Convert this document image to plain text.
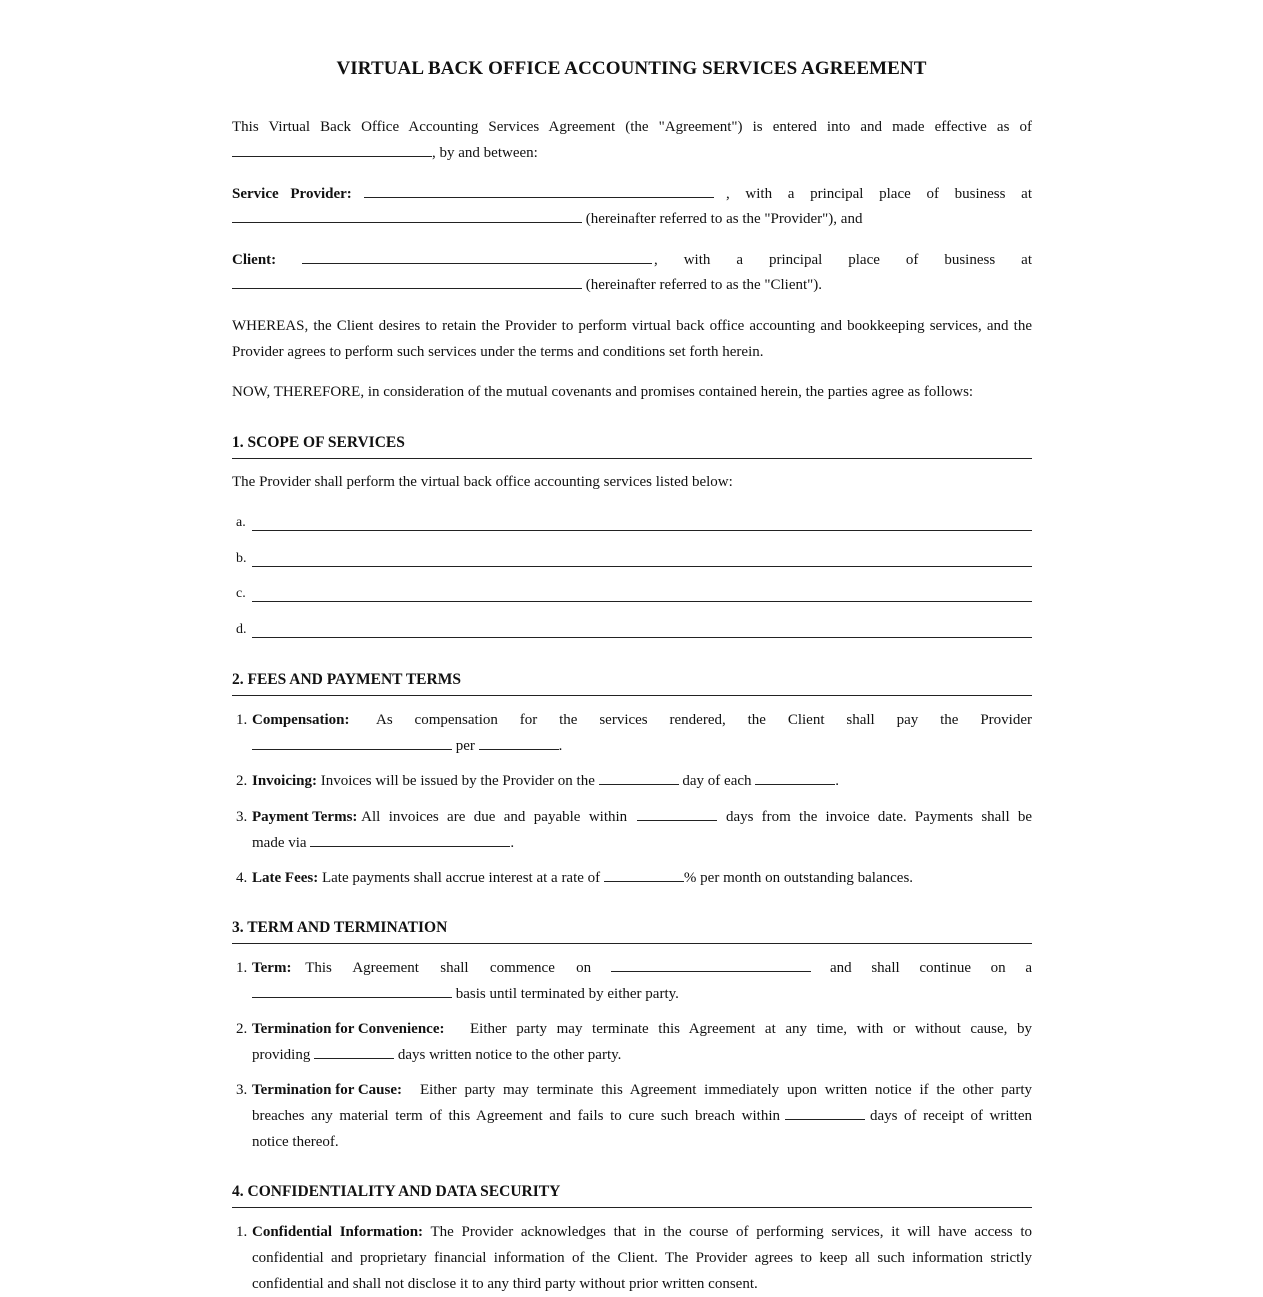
VIRTUAL BACK OFFICE ACCOUNTING SERVICES AGREEMENT
This Virtual Back Office Accounting Services Agreement (the "Agreement") is entered into and made effective as of
, by and between:
Service Provider:	, with a principal place of business at
(hereinafter referred to as the "Provider"), and
Client:	, with a principal place of business at
(hereinafter referred to as the "Client").
WHEREAS, the Client desires to retain the Provider to perform virtual back office accounting and bookkeeping services, and the Provider agrees to perform such services under the terms and conditions set forth herein.
NOW, THEREFORE, in consideration of the mutual covenants and promises contained herein, the parties agree as follows:
1. SCOPE OF SERVICES
The Provider shall perform the virtual back office accounting services listed below:
a.
b.
c.
d.
2. FEES AND PAYMENT TERMS
1. Compensation: As compensation for the services rendered, the Client shall pay the Provider
per	.
2. Invoicing: Invoices will be issued by the Provider on the	day of each	.
3. Payment Terms: All invoices are due and payable within	days from the invoice date. Payments shall be
made via	.
4. Late Fees: Late payments shall accrue interest at a rate of	% per month on outstanding balances.
3. TERM AND TERMINATION
1. Term: This Agreement shall commence on	and shall continue on a
basis until terminated by either party.
2. Termination for Convenience: Either party may terminate this Agreement at any time, with or without cause, by
providing	days written notice to the other party.
3. Termination for Cause: Either party may terminate this Agreement immediately upon written notice if the other party
breaches any material term of this Agreement and fails to cure such breach within	days of receipt of written
notice thereof.
4. CONFIDENTIALITY AND DATA SECURITY
1. Confidential Information: The Provider acknowledges that in the course of performing services, it will have access to confidential and proprietary financial information of the Client. The Provider agrees to keep all such information strictly confidential and shall not disclose it to any third party without prior written consent.
